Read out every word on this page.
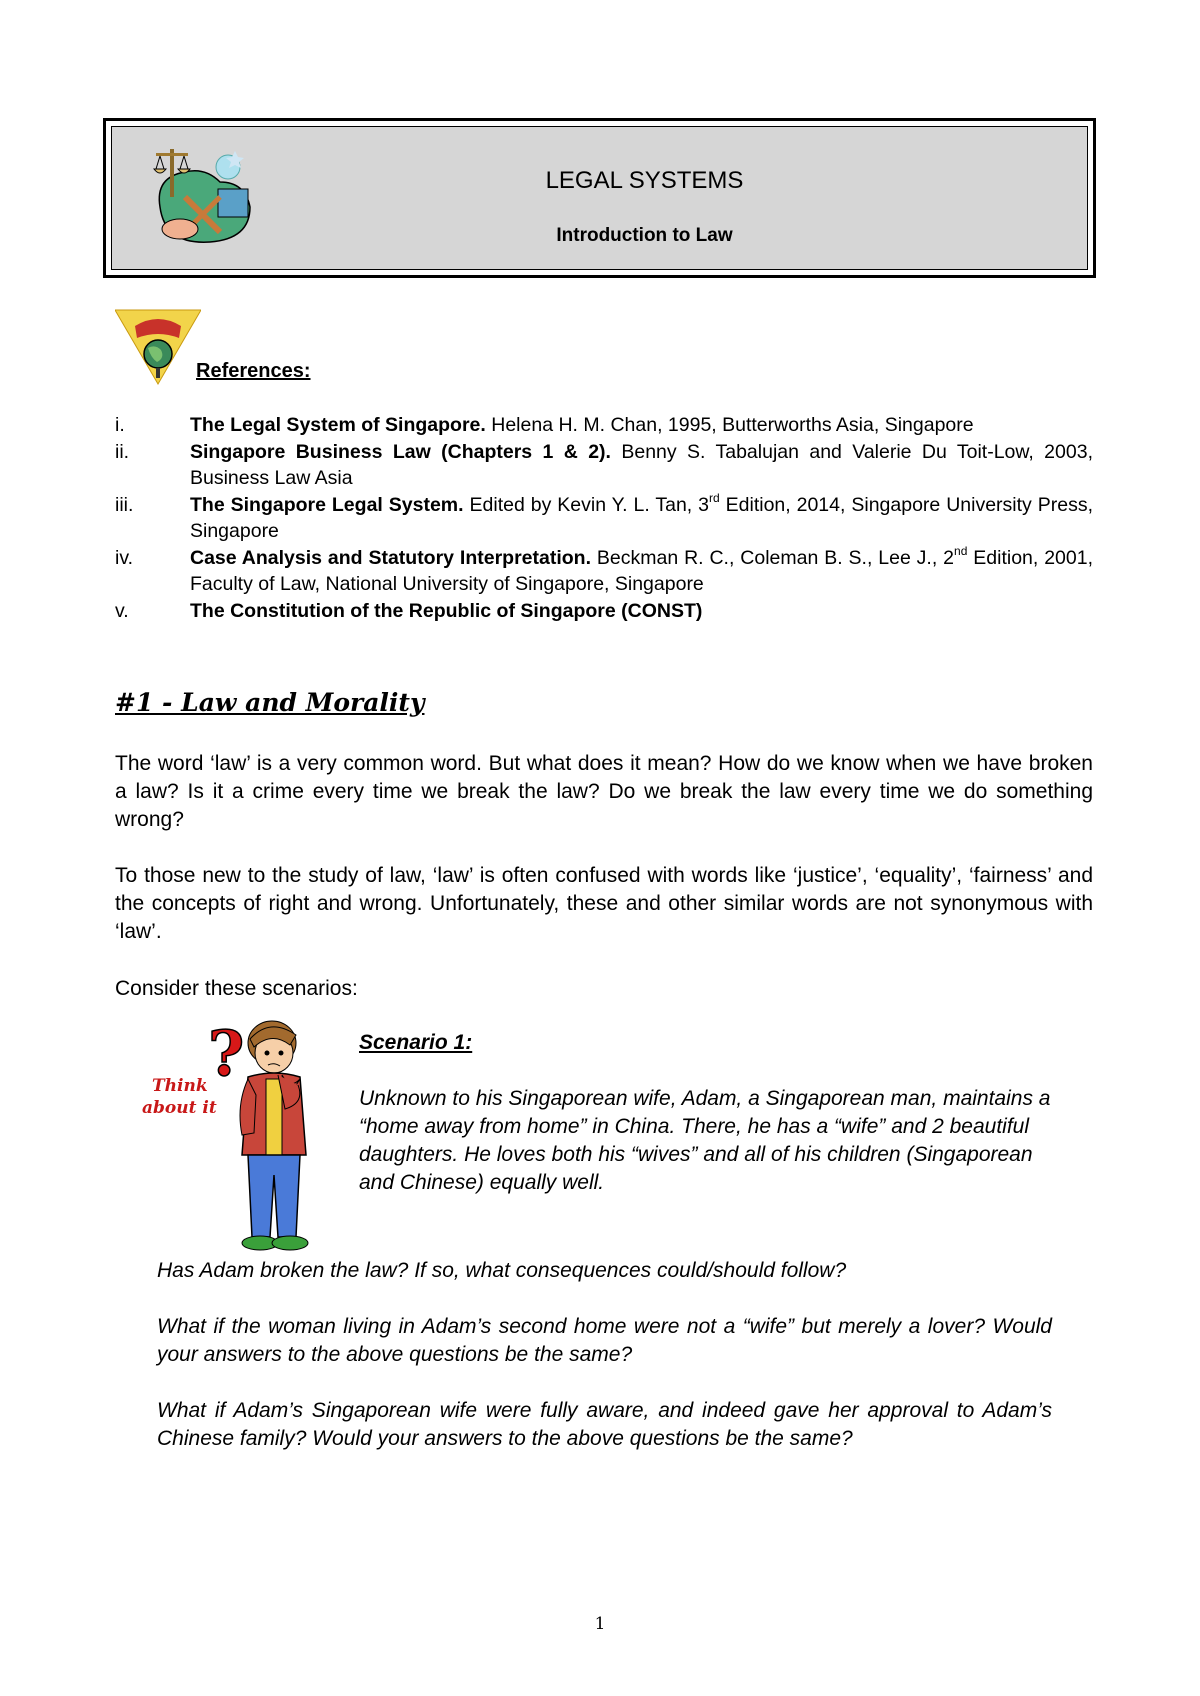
LEGAL SYSTEMS
Introduction to Law
References:
i.	The Legal System of Singapore. Helena H. M. Chan, 1995, Butterworths Asia, Singapore
ii.	Singapore Business Law (Chapters 1 & 2). Benny S. Tabalujan and Valerie Du Toit-Low, 2003, Business Law Asia
iii.	The Singapore Legal System. Edited by Kevin Y. L. Tan, 3rd Edition, 2014, Singapore University Press, Singapore
iv.	Case Analysis and Statutory Interpretation. Beckman R. C., Coleman B. S., Lee J., 2nd Edition, 2001, Faculty of Law, National University of Singapore, Singapore
v.	The Constitution of the Republic of Singapore (CONST)
#1 - Law and Morality

The word ‘law’ is a very common word. But what does it mean? How do we know when we have broken a law? Is it a crime every time we break the law? Do we break the law every time we do something wrong?

To those new to the study of law, ‘law’ is often confused with words like ‘justice’, ‘equality’, ‘fairness’ and the concepts of right and wrong. Unfortunately, these and other similar words are not synonymous with ‘law’.

Consider these scenarios:

?
Think
about it
Scenario 1:

Unknown to his Singaporean wife, Adam, a Singaporean man, maintains a “home away from home” in China. There, he has a “wife” and 2 beautiful daughters. He loves both his “wives” and all of his children (Singaporean and Chinese) equally well.

Has Adam broken the law? If so, what consequences could/should follow?

What if the woman living in Adam’s second home were not a “wife” but merely a lover? Would your answers to the above questions be the same?

What if Adam’s Singaporean wife were fully aware, and indeed gave her approval to Adam’s Chinese family? Would your answers to the above questions be the same?

1
